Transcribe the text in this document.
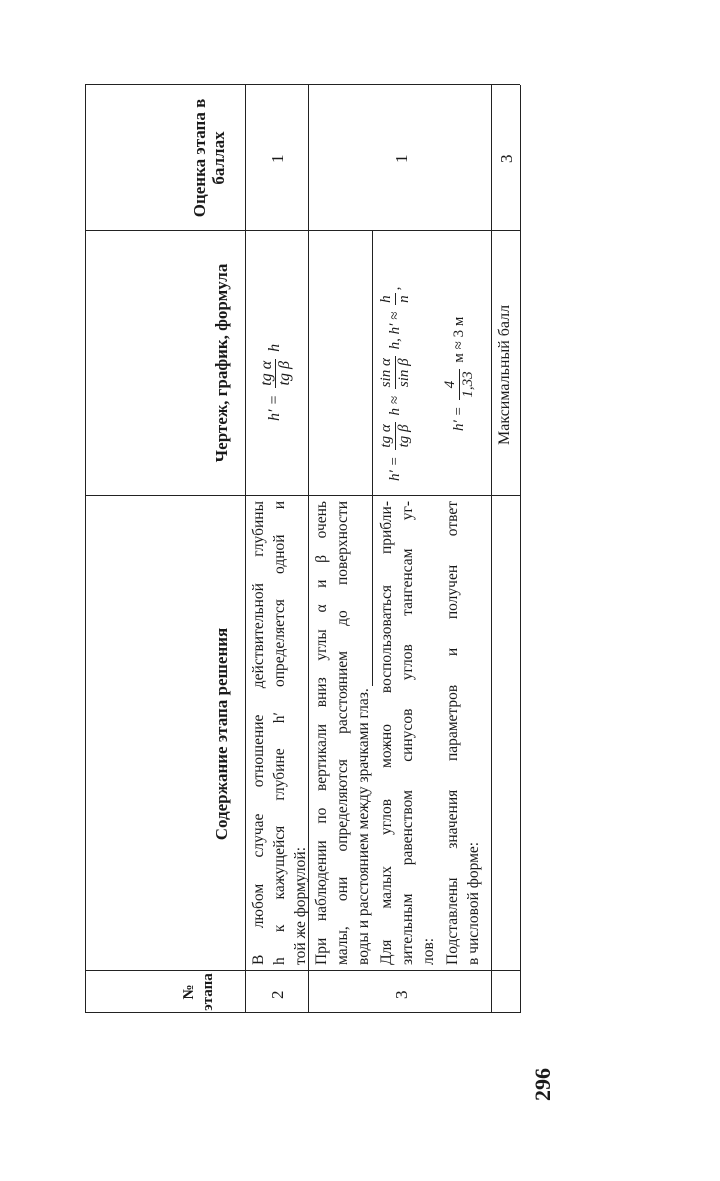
№ этапа
Содержание этапа решения
Чертеж, график, формула
Оценка этапа в баллах
2
В любом случае отношение действительной глубины h к кажущейся глубине h′ определяется одной и той же формулой:
h′ =
tg α tg β
h
1
При наблюдении по вертикали вниз углы α и β очень малы, они определяются расстоянием до поверхности воды и расстоянием между зрачками глаз.
3
Для малых углов можно воспользоваться прибли- зительным равенством синусов углов тангенсам уг- лов:
h′ =
tg α tg β
h ≈
sin α sin β
h, h′ ≈
h n
,
1
Подставлены значения параметров и получен ответ в числовой форме:
h′ =
4 1,33
м ≈ 3 м	Максимальный балл
3
296
